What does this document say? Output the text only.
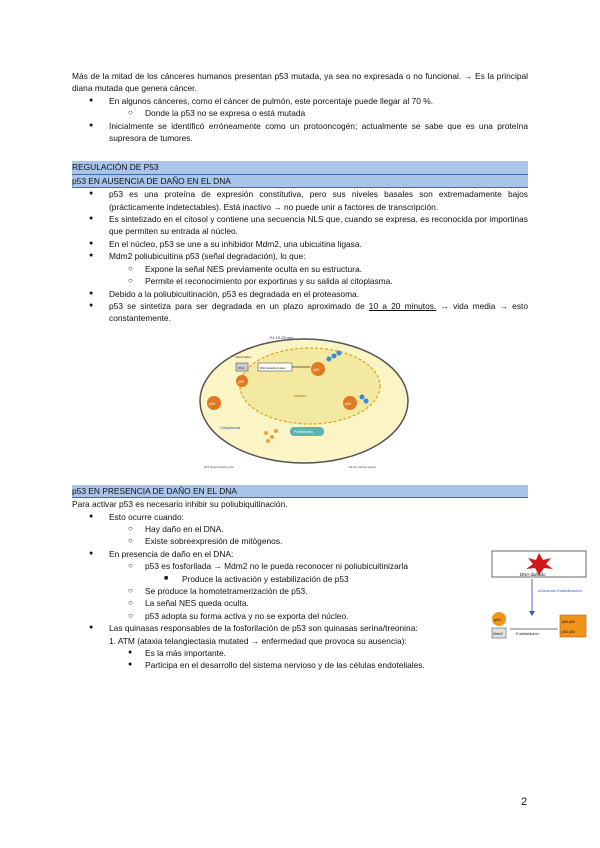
Más de la mitad de los cánceres humanos presentan p53 mutada, ya sea no expresada o no funcional. → Es la principal diana mutada que genera cáncer.

● En algunos cánceres, como el cáncer de pulmón, este porcentaje puede llegar al 70 %.
○ Donde la p53 no se expresa o está mutada
● Inicialmente se identificó erróneamente como un protooncogén; actualmente se sabe que es una proteína supresora de tumores.

REGULACIÓN DE P53

p53 EN AUSENCIA DE DAÑO EN EL DNA

● p53 es una proteína de expresión constitutiva, pero sus niveles basales son extremadamente bajos (prácticamente indetectables). Está inactivo → no puede unir a factores de transcripción.
● Es sintetizado en el citosol y contiene una secuencia NLS que, cuando se expresa, es reconocida por importinas que permiten su entrada al núcleo.
● En el núcleo, p53 se une a su inhibidor Mdm2, una ubicuitina ligasa.
● Mdm2 poliubicuitina p53 (señal degradación), lo que:
○ Expone la señal NES previamente oculta en su estructura.
○ Permite el reconocimiento por exportinas y su salida al citoplasma.
● Debido a la poliubicuitinación, p53 es degradada en el proteasoma.
● p53 se sintetiza para ser degradada en un plazo aproximado de 10 a 20 minutos. → vida media → esto constantemente.
t½ 10-20 min
transcription
DNA	DNA attached sites
p53
p53
Núcleo
p53
p53
Citoplasma
Proteasoma
p53 target binding site	mdm2 nuclear export

p53 EN PRESENCIA DE DAÑO EN EL DNA

Para activar p53 es necesario inhibir su poliubiquitinación.

● Esto ocurre cuando:
○ Hay daño en el DNA.
○ Existe sobreexpresión de mitógenos.
● En presencia de daño en el DNA:
○ p53 es fosforilada → Mdm2 no le pueda reconocer ni poliubicuitinizarla
■ Produce la activación y estabilización de p53
○ Se produce la homotetramerización de p53.
○ La señal NES queda oculta.
○ p53 adopta su forma activa y no se exporta del núcleo.
● Las quinasas responsables de la fosforilación de p53 son quinasas serina/treonina:
1. ATM (ataxia telangiectasia mutated → enfermedad que provoca su ausencia):
● Es la más importante.
● Participa en el desarrollo del sistema nervioso y de las células endoteliales.
DNA dañado
Activación Estabilización
p53
Mdm2	Fosforilación
p53 p53
p53 p53
2
